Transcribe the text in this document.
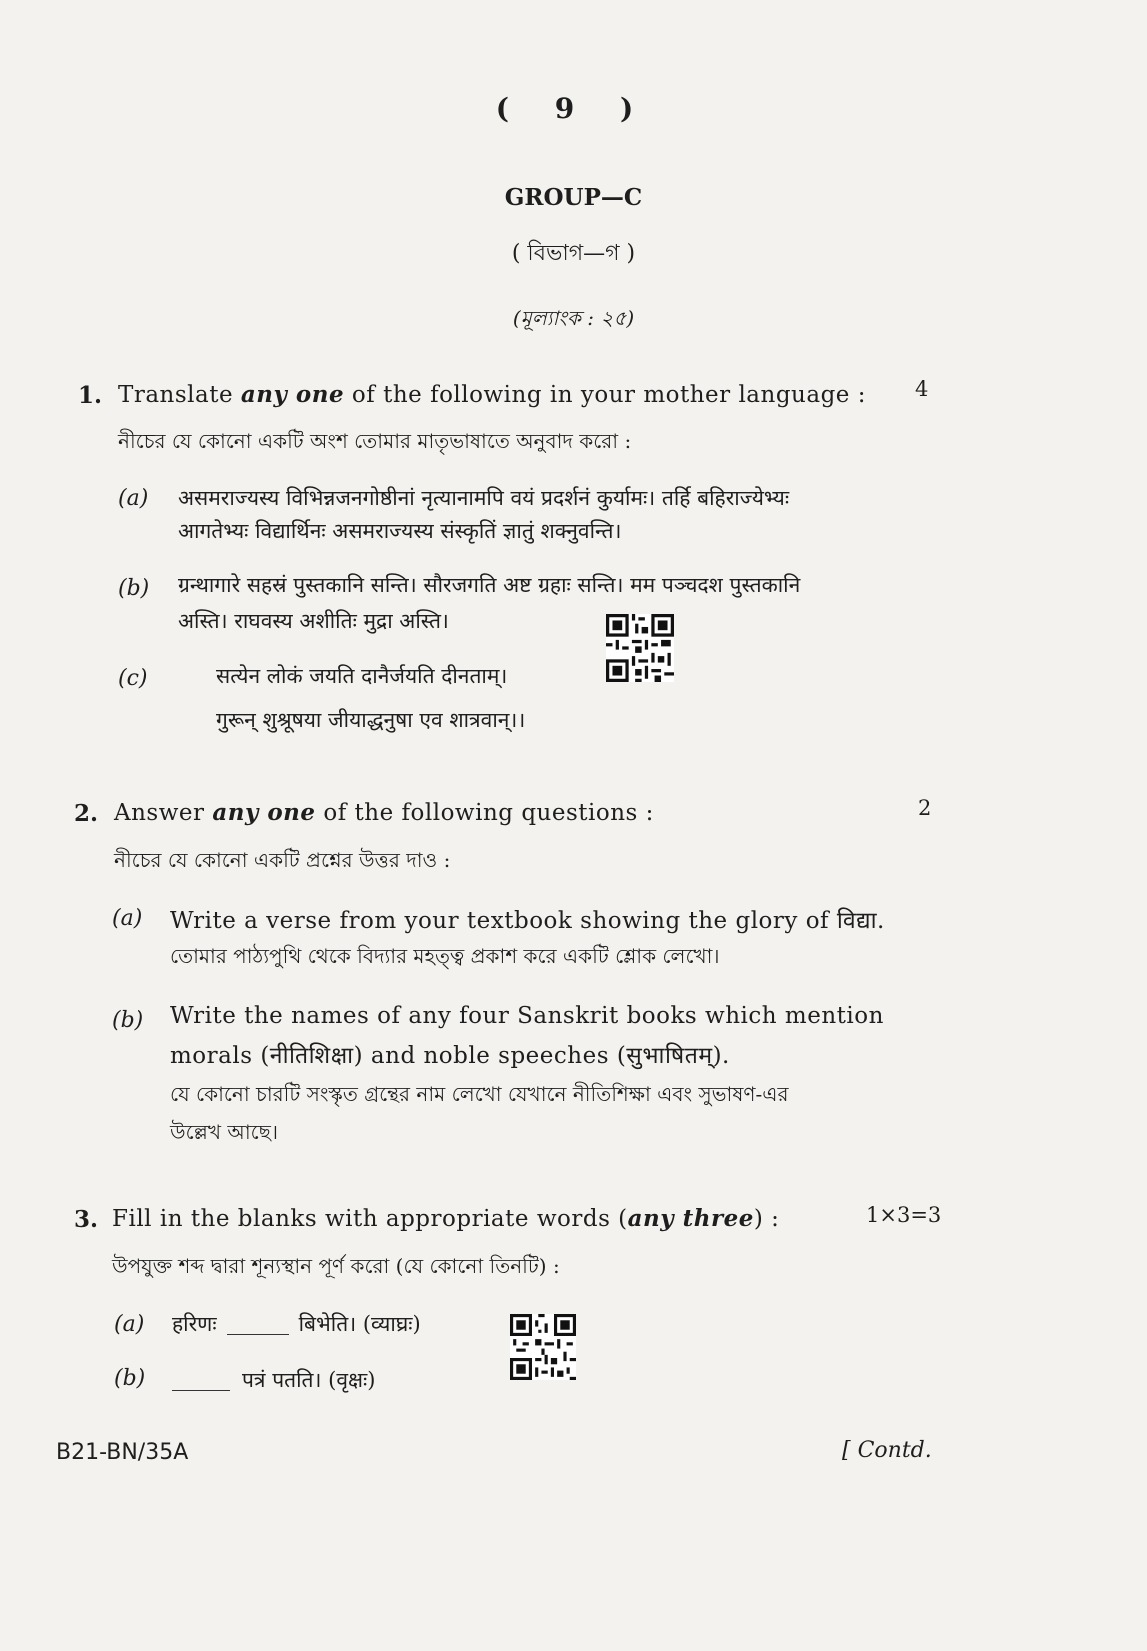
( 9 )
GROUP—C
( বিভাগ—গ )
(মূল্যাংক : ২৫)
1. Translate any one of the following in your mother language : 4
নীচের যে কোনো একটি অংশ তোমার মাতৃভাষাতে অনুবাদ করো :
(a) असमराज्यस्य विभिन्नजनगोष्ठीनां नृत्यानामपि वयं प्रदर्शनं कुर्यामः। तर्हि बहिराज्येभ्यः
आगतेभ्यः विद्यार्थिनः असमराज्यस्य संस्कृतिं ज्ञातुं शक्नुवन्ति।
(b) ग्रन्थागारे सहस्रं पुस्तकानि सन्ति। सौरजगति अष्ट ग्रहाः सन्ति। मम पञ्चदश पुस्तकानि
अस्ति। राघवस्य अशीतिः मुद्रा अस्ति।
(c)	सत्येन लोकं जयति दानैर्जयति दीनताम्।
गुरून् शुश्रूषया जीयाद्धनुषा एव शात्रवान्।।
2. Answer any one of the following questions :	2
নীচের যে কোনো একটি প্রশ্নের উত্তর দাও :
(a) Write a verse from your textbook showing the glory of विद्या.
তোমার পাঠ্যপুথি থেকে বিদ্যার মহত্ত্ব প্রকাশ করে একটি শ্লোক লেখো।
(b) Write the names of any four Sanskrit books which mention
morals (नीतिशिक्षा) and noble speeches (सुभाषितम्).
যে কোনো চারটি সংস্কৃত গ্রন্থের নাম লেখো যেখানে নীতিশিক্ষা এবং সুভাষণ-এর
উল্লেখ আছে।
3. Fill in the blanks with appropriate words (any three) :	1×3=3
উপযুক্ত শব্দ দ্বারা শূন্যস্থান পূর্ণ করো (যে কোনো তিনটি) :
(a) हरिणः	बिभेति। (व्याघ्रः)
(b)	पत्रं पतति। (वृक्षः)
B21-BN/35A	[ Contd.
